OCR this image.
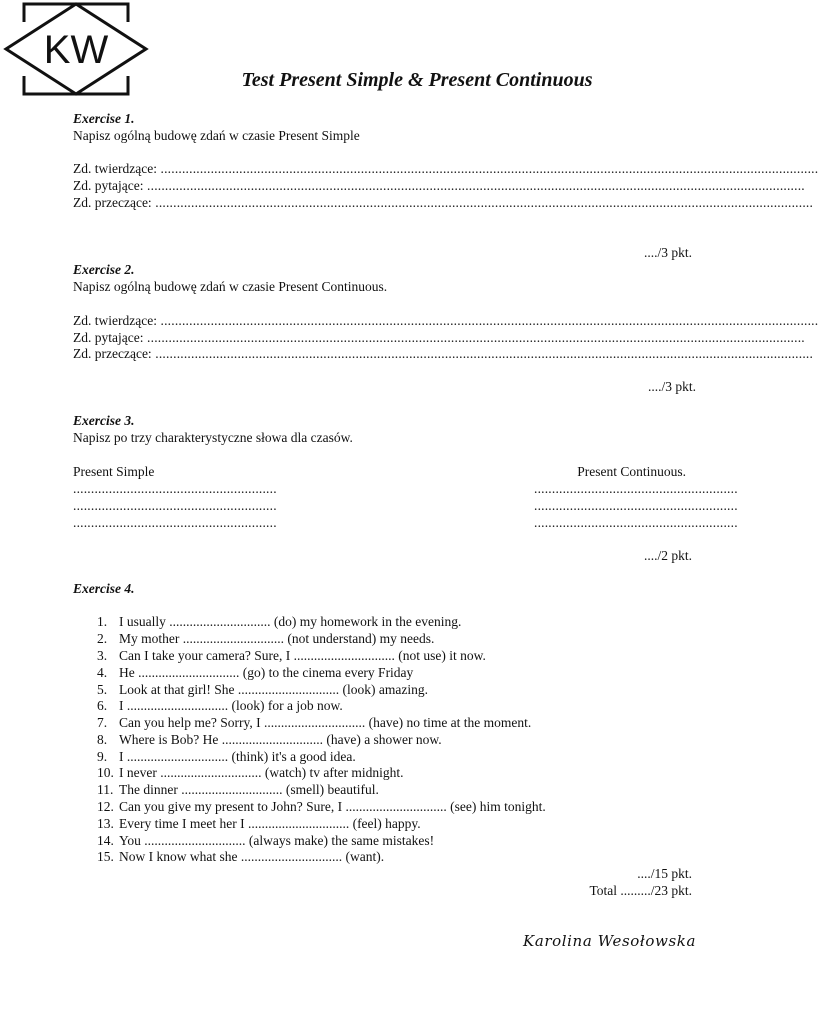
KW
Test Present Simple & Present Continuous
Exercise 1.
Napisz ogólną budowę zdań w czasie Present Simple
Zd. twierdzące: ........................................................................................................................................................................................
Zd. pytające: ........................................................................................................................................................................................
Zd. przeczące: ........................................................................................................................................................................................
..../3 pkt.
Exercise 2.
Napisz ogólną budowę zdań w czasie Present Continuous.
Zd. twierdzące: ........................................................................................................................................................................................
Zd. pytające: ........................................................................................................................................................................................
Zd. przeczące: ........................................................................................................................................................................................
..../3 pkt.
Exercise 3.
Napisz po trzy charakterystyczne słowa dla czasów.
Present Simple	Present Continuous.
.........................................................
.........................................................
.........................................................
.........................................................
.........................................................
.........................................................
..../2 pkt.
Exercise 4.
1. I usually .............................. (do) my homework in the evening.
2. My mother .............................. (not understand) my needs.
3. Can I take your camera? Sure, I .............................. (not use) it now.
4. He .............................. (go) to the cinema every Friday
5. Look at that girl! She .............................. (look) amazing.
6. I .............................. (look) for a job now.
7. Can you help me? Sorry, I .............................. (have) no time at the moment.
8. Where is Bob? He .............................. (have) a shower now.
9. I .............................. (think) it's a good idea.
10. I never .............................. (watch) tv after midnight.
11. The dinner .............................. (smell) beautiful.
12. Can you give my present to John? Sure, I .............................. (see) him tonight.
13. Every time I meet her I .............................. (feel) happy.
14. You .............................. (always make) the same mistakes!
15. Now I know what she .............................. (want).
..../15 pkt.
Total ........./23 pkt.
Karolina Wesołowska
